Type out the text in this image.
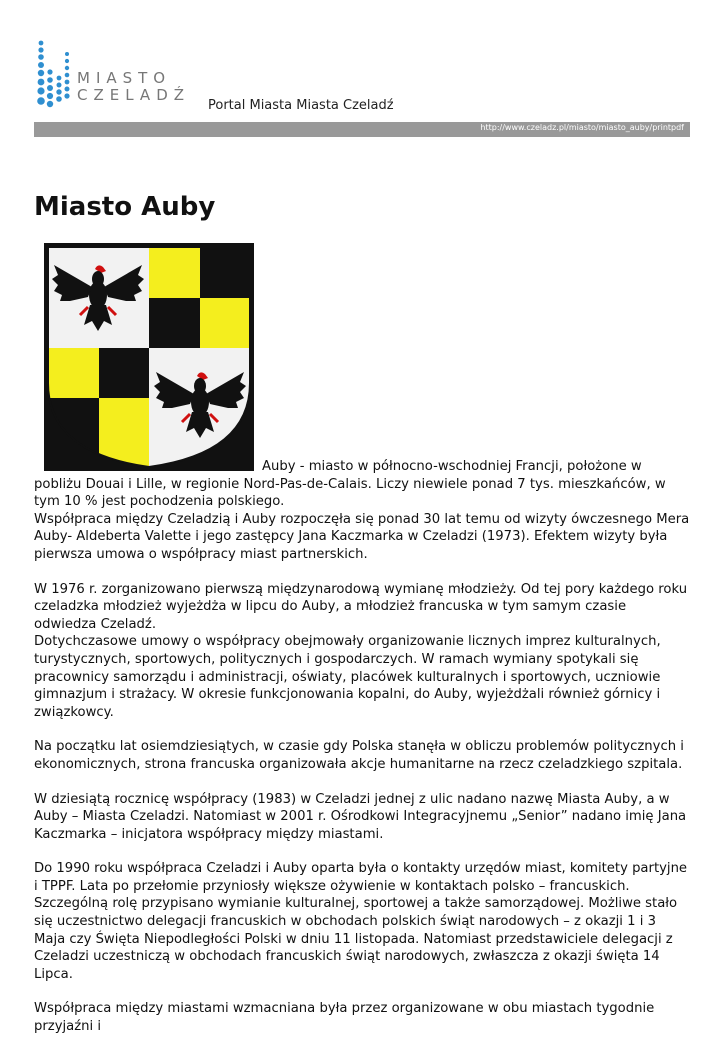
MIASTO
CZELADŹ
Portal Miasta Miasta Czeladź
http://www.czeladz.pl/miasto/miasto_auby/printpdf
Miasto Auby

Auby - miasto w północno-wschodniej Francji, położone w pobliżu Douai i Lille, w regionie Nord-Pas-de-Calais. Liczy niewiele ponad 7 tys. mieszkańców, w tym 10 % jest pochodzenia polskiego.
Współpraca między Czeladzią i Auby rozpoczęła się ponad 30 lat temu od wizyty ówczesnego Mera Auby- Aldeberta Valette i jego zastępcy Jana Kaczmarka w Czeladzi (1973). Efektem wizyty była pierwsza umowa o współpracy miast partnerskich.

W 1976 r. zorganizowano pierwszą międzynarodową wymianę młodzieży. Od tej pory każdego roku czeladzka młodzież wyjeżdża w lipcu do Auby, a młodzież francuska w tym samym czasie odwiedza Czeladź.
Dotychczasowe umowy o współpracy obejmowały organizowanie licznych imprez kulturalnych, turystycznych, sportowych, politycznych i gospodarczych. W ramach wymiany spotykali się pracownicy samorządu i administracji, oświaty, placówek kulturalnych i sportowych, uczniowie gimnazjum i strażacy. W okresie funkcjonowania kopalni, do Auby, wyjeżdżali również górnicy i związkowcy.

Na początku lat osiemdziesiątych, w czasie gdy Polska stanęła w obliczu problemów politycznych i ekonomicznych, strona francuska organizowała akcje humanitarne na rzecz czeladzkiego szpitala.

W dziesiątą rocznicę współpracy (1983) w Czeladzi jednej z ulic nadano nazwę Miasta Auby, a w Auby – Miasta Czeladzi. Natomiast w 2001 r. Ośrodkowi Integracyjnemu „Senior” nadano imię Jana Kaczmarka – inicjatora współpracy między miastami.

Do 1990 roku współpraca Czeladzi i Auby oparta była o kontakty urzędów miast, komitety partyjne i TPPF. Lata po przełomie przyniosły większe ożywienie w kontaktach polsko – francuskich. Szczególną rolę przypisano wymianie kulturalnej, sportowej a także samorządowej. Możliwe stało się uczestnictwo delegacji francuskich w obchodach polskich świąt narodowych – z okazji 1 i 3 Maja czy Święta Niepodległości Polski w dniu 11 listopada. Natomiast przedstawiciele delegacji z Czeladzi uczestniczą w obchodach francuskich świąt narodowych, zwłaszcza z okazji święta 14 Lipca.

Współpraca między miastami wzmacniana była przez organizowane w obu miastach tygodnie przyjaźni i
